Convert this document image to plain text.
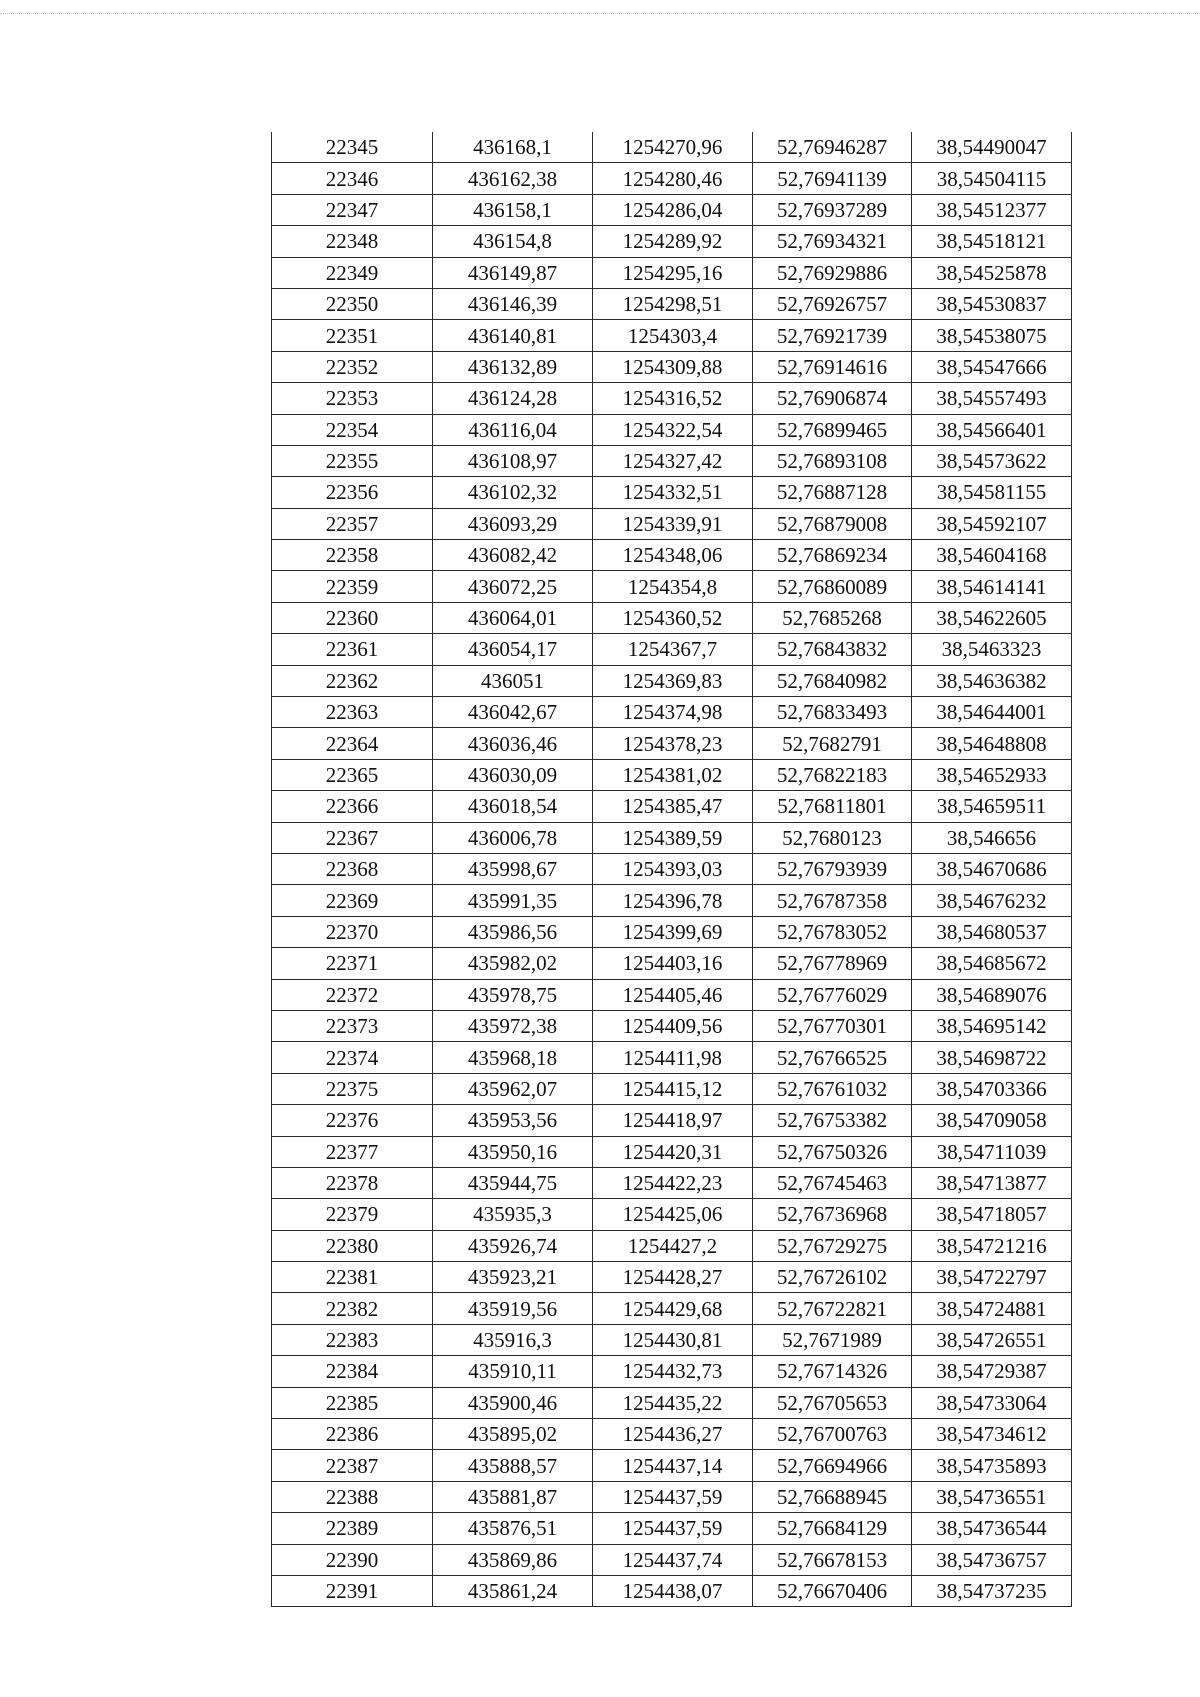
22345	436168,1	1254270,96	52,76946287	38,54490047
22346	436162,38	1254280,46	52,76941139	38,54504115
22347	436158,1	1254286,04	52,76937289	38,54512377
22348	436154,8	1254289,92	52,76934321	38,54518121
22349	436149,87	1254295,16	52,76929886	38,54525878
22350	436146,39	1254298,51	52,76926757	38,54530837
22351	436140,81	1254303,4	52,76921739	38,54538075
22352	436132,89	1254309,88	52,76914616	38,54547666
22353	436124,28	1254316,52	52,76906874	38,54557493
22354	436116,04	1254322,54	52,76899465	38,54566401
22355	436108,97	1254327,42	52,76893108	38,54573622
22356	436102,32	1254332,51	52,76887128	38,54581155
22357	436093,29	1254339,91	52,76879008	38,54592107
22358	436082,42	1254348,06	52,76869234	38,54604168
22359	436072,25	1254354,8	52,76860089	38,54614141
22360	436064,01	1254360,52	52,7685268	38,54622605
22361	436054,17	1254367,7	52,76843832	38,5463323
22362	436051	1254369,83	52,76840982	38,54636382
22363	436042,67	1254374,98	52,76833493	38,54644001
22364	436036,46	1254378,23	52,7682791	38,54648808
22365	436030,09	1254381,02	52,76822183	38,54652933
22366	436018,54	1254385,47	52,76811801	38,54659511
22367	436006,78	1254389,59	52,7680123	38,546656
22368	435998,67	1254393,03	52,76793939	38,54670686
22369	435991,35	1254396,78	52,76787358	38,54676232
22370	435986,56	1254399,69	52,76783052	38,54680537
22371	435982,02	1254403,16	52,76778969	38,54685672
22372	435978,75	1254405,46	52,76776029	38,54689076
22373	435972,38	1254409,56	52,76770301	38,54695142
22374	435968,18	1254411,98	52,76766525	38,54698722
22375	435962,07	1254415,12	52,76761032	38,54703366
22376	435953,56	1254418,97	52,76753382	38,54709058
22377	435950,16	1254420,31	52,76750326	38,54711039
22378	435944,75	1254422,23	52,76745463	38,54713877
22379	435935,3	1254425,06	52,76736968	38,54718057
22380	435926,74	1254427,2	52,76729275	38,54721216
22381	435923,21	1254428,27	52,76726102	38,54722797
22382	435919,56	1254429,68	52,76722821	38,54724881
22383	435916,3	1254430,81	52,7671989	38,54726551
22384	435910,11	1254432,73	52,76714326	38,54729387
22385	435900,46	1254435,22	52,76705653	38,54733064
22386	435895,02	1254436,27	52,76700763	38,54734612
22387	435888,57	1254437,14	52,76694966	38,54735893
22388	435881,87	1254437,59	52,76688945	38,54736551
22389	435876,51	1254437,59	52,76684129	38,54736544
22390	435869,86	1254437,74	52,76678153	38,54736757
22391	435861,24	1254438,07	52,76670406	38,54737235
